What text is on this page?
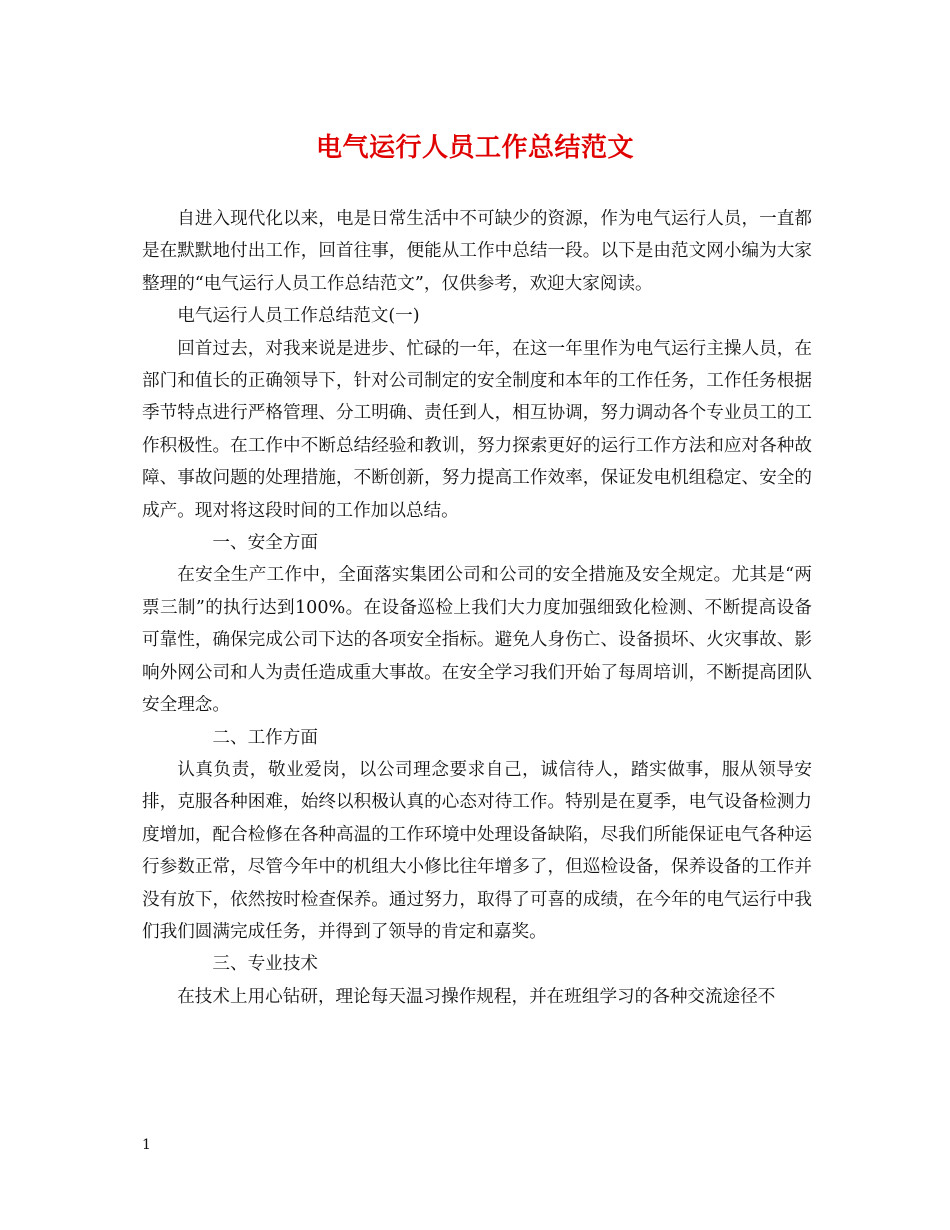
电气运行人员工作总结范文

自进入现代化以来，电是日常生活中不可缺少的资源，作为电气运行人员，一直都是在默默地付出工作，回首往事，便能从工作中总结一段。以下是由范文网小编为大家整理的“电气运行人员工作总结范文”，仅供参考，欢迎大家阅读。

电气运行人员工作总结范文(一)

回首过去，对我来说是进步、忙碌的一年，在这一年里作为电气运行主操人员，在部门和值长的正确领导下，针对公司制定的安全制度和本年的工作任务，工作任务根据季节特点进行严格管理、分工明确、责任到人，相互协调，努力调动各个专业员工的工作积极性。在工作中不断总结经验和教训，努力探索更好的运行工作方法和应对各种故障、事故问题的处理措施，不断创新，努力提高工作效率，保证发电机组稳定、安全的成产。现对将这段时间的工作加以总结。

一、安全方面

在安全生产工作中，全面落实集团公司和公司的安全措施及安全规定。尤其是“两票三制”的执行达到100%。在设备巡检上我们大力度加强细致化检测、不断提高设备可靠性，确保完成公司下达的各项安全指标。避免人身伤亡、设备损坏、火灾事故、影响外网公司和人为责任造成重大事故。在安全学习我们开始了每周培训，不断提高团队安全理念。

二、工作方面

认真负责，敬业爱岗，以公司理念要求自己，诚信待人，踏实做事，服从领导安排，克服各种困难，始终以积极认真的心态对待工作。特别是在夏季，电气设备检测力度增加，配合检修在各种高温的工作环境中处理设备缺陷，尽我们所能保证电气各种运行参数正常，尽管今年中的机组大小修比往年增多了，但巡检设备，保养设备的工作并没有放下，依然按时检查保养。通过努力，取得了可喜的成绩，在今年的电气运行中我们我们圆满完成任务，并得到了领导的肯定和嘉奖。

三、专业技术

在技术上用心钻研，理论每天温习操作规程，并在班组学习的各种交流途径不

1
